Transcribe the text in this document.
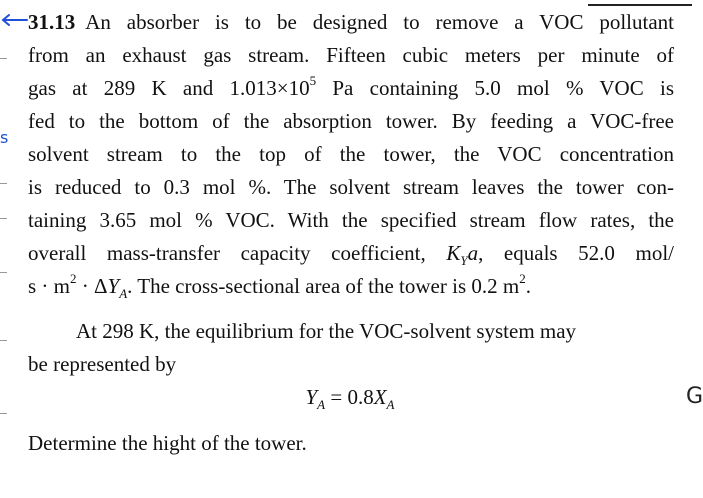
s
G
31.13 An absorber is to be designed to remove a VOC pollutant
from an exhaust gas stream. Fifteen cubic meters per minute of
gas at 289 K and $1.013\times 10^5$ Pa containing 5.0 mol % VOC is
fed to the bottom of the absorption tower. By feeding a VOC-free
solvent stream to the top of the tower, the VOC concentration
is reduced to 0.3 mol %. The solvent stream leaves the tower con-
taining 3.65 mol % VOC. With the specified stream flow rates, the
overall mass-transfer capacity coefficient, $K_Ya$, equals 52.0 mol/
$s \cdot m^2 \cdot \Delta Y_A$. The cross-sectional area of the tower is 0.2 $m^2$.
At 298 K, the equilibrium for the VOC-solvent system may
be represented by
$Y_A = 0.8X_A$
Determine the hight of the tower.
